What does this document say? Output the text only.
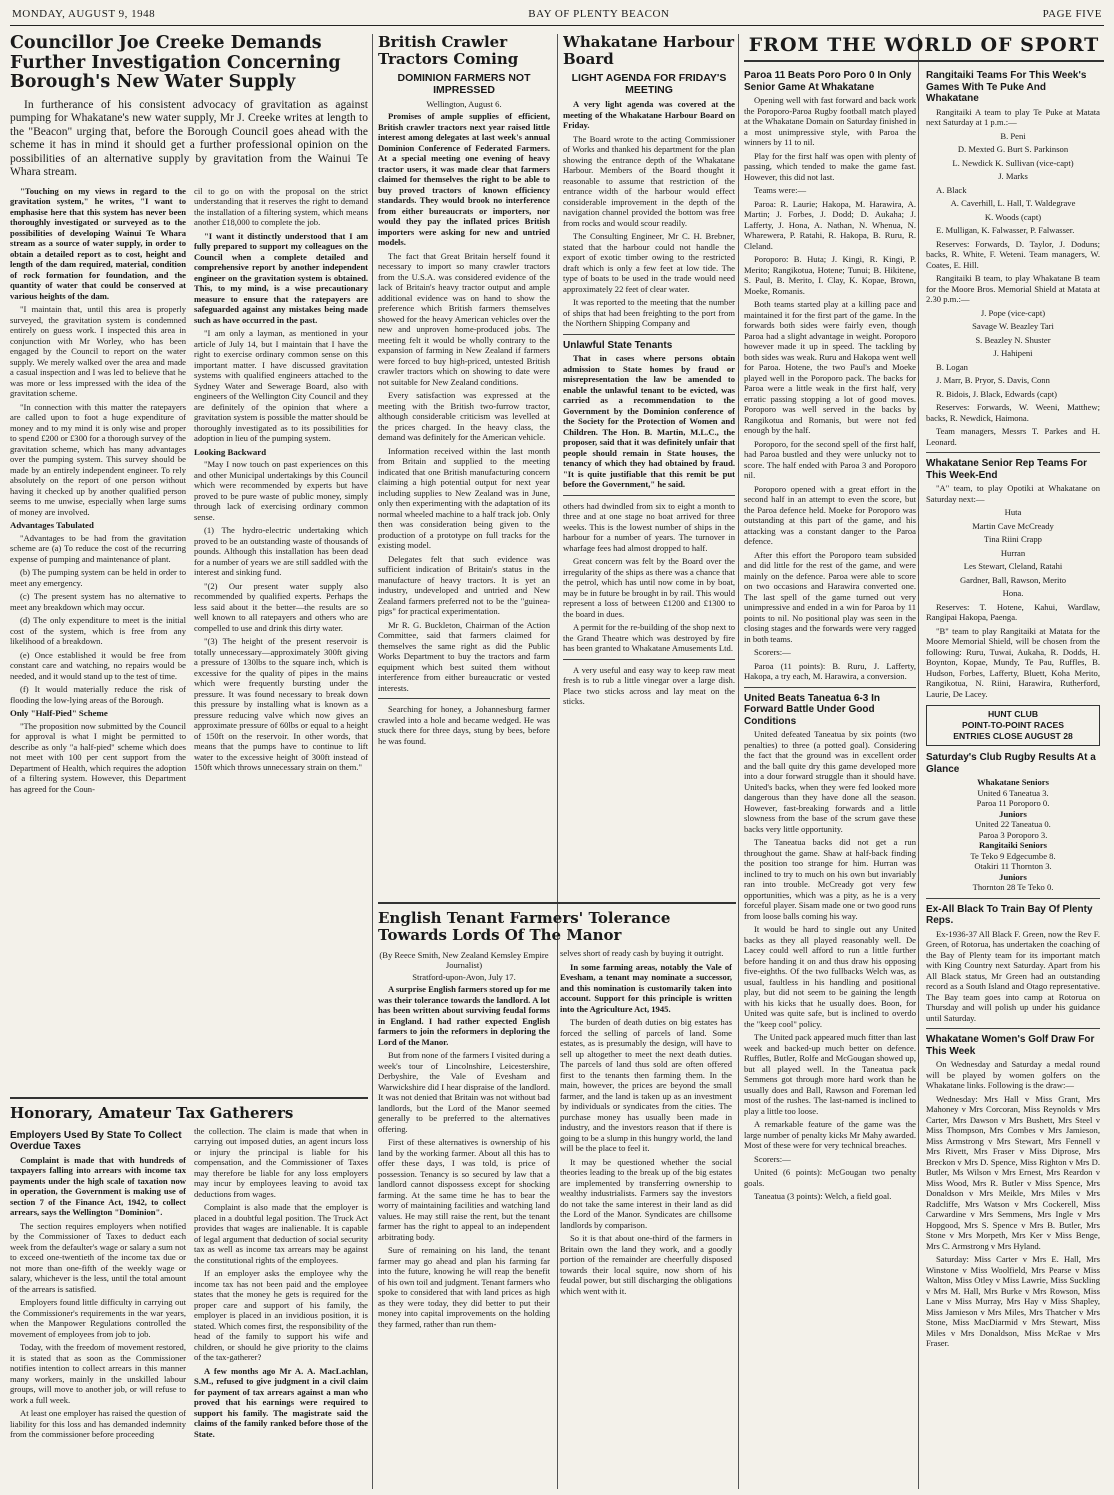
MONDAY, AUGUST 9, 1948	BAY OF PLENTY BEACON	PAGE FIVE
Councillor Joe Creeke Demands Further Investigation Concerning Borough's New Water Supply

In furtherance of his consistent advocacy of gravitation as against pumping for Whakatane's new water supply, Mr J. Creeke writes at length to the "Beacon" urging that, before the Borough Council goes ahead with the scheme it has in mind it should get a further professional opinion on the possibilities of an alternative supply by gravitation from the Wainui Te Whara stream.

"Touching on my views in regard to the gravitation system," he writes, "I want to emphasise here that this system has never been thoroughly investigated or surveyed as to the possibilities of developing Wainui Te Whara stream as a source of water supply, in order to obtain a detailed report as to cost, height and length of the dam required, material, condition of rock formation for foundation, and the quantity of water that could be conserved at various heights of the dam.

"I maintain that, until this area is properly surveyed, the gravitation system is condemned entirely on guess work. I inspected this area in conjunction with Mr Worley, who has been engaged by the Council to report on the water supply. We merely walked over the area and made a casual inspection and I was led to believe that he was more or less impressed with the idea of the gravitation scheme.

"In connection with this matter the ratepayers are called upon to foot a huge expenditure of money and to my mind it is only wise and proper to spend £200 or £300 for a thorough survey of the gravitation scheme, which has many advantages over the pumping system. This survey should be made by an entirely independent engineer. To rely absolutely on the report of one person without having it checked up by another qualified person seems to me unwise, especially when large sums of money are involved.

Advantages Tabulated

"Advantages to be had from the gravitation scheme are (a) To reduce the cost of the recurring expense of pumping and maintenance of plant.

(b) The pumping system can be held in order to meet any emergency.

(c) The present system has no alternative to meet any breakdown which may occur.

(d) The only expenditure to meet is the initial cost of the system, which is free from any likelihood of a breakdown.

(e) Once established it would be free from constant care and watching, no repairs would be needed, and it would stand up to the test of time.

(f) It would materially reduce the risk of flooding the low-lying areas of the Borough.

Only "Half-Pied" Scheme

"The proposition now submitted by the Council for approval is what I might be permitted to describe as only "a half-pied" scheme which does not meet with 100 per cent support from the Department of Health, which requires the adoption of a filtering system. However, this Department has agreed for the Coun-

cil to go on with the proposal on the strict understanding that it reserves the right to demand the installation of a filtering system, which means another £18,000 to complete the job.

"I want it distinctly understood that I am fully prepared to support my colleagues on the Council when a complete detailed and comprehensive report by another independent engineer on the gravitation system is obtained. This, to my mind, is a wise precautionary measure to ensure that the ratepayers are safeguarded against any mistakes being made such as have occurred in the past.

"I am only a layman, as mentioned in your article of July 14, but I maintain that I have the right to exercise ordinary common sense on this important matter. I have discussed gravitation systems with qualified engineers attached to the Sydney Water and Sewerage Board, also with engineers of the Wellington City Council and they are definitely of the opinion that where a gravitation system is possible the matter should be thoroughly investigated as to its possibilities for adoption in lieu of the pumping system.

Looking Backward

"May I now touch on past experiences on this and other Municipal undertakings by this Council which were recommended by experts but have proved to be pure waste of public money, simply through lack of exercising ordinary common sense.

(1) The hydro-electric undertaking which proved to be an outstanding waste of thousands of pounds. Although this installation has been dead for a number of years we are still saddled with the interest and sinking fund.

"(2) Our present water supply also recommended by qualified experts. Perhaps the less said about it the better—the results are so well known to all ratepayers and others who are compelled to use and drink this dirty water.

"(3) The height of the present reservoir is totally unnecessary—approximately 300ft giving a pressure of 130lbs to the square inch, which is excessive for the quality of pipes in the mains which were frequently bursting under the pressure. It was found necessary to break down this pressure by installing what is known as a pressure reducing valve which now gives an approximate pressure of 60lbs or equal to a height of 150ft on the reservoir. In other words, that means that the pumps have to continue to lift water to the excessive height of 300ft instead of 150ft which throws unnecessary strain on them."

Honorary, Amateur Tax Gatherers
Employers Used By State To Collect Overdue Taxes

Complaint is made that with hundreds of taxpayers falling into arrears with income tax payments under the high scale of taxation now in operation, the Government is making use of section 7 of the Finance Act, 1942, to collect arrears, says the Wellington "Dominion".

The section requires employers when notified by the Commissioner of Taxes to deduct each week from the defaulter's wage or salary a sum not to exceed one-twentieth of the income tax due or not more than one-fifth of the weekly wage or salary, whichever is the less, until the total amount of the arrears is satisfied.

Employers found little difficulty in carrying out the Commissioner's requirements in the war years, when the Manpower Regulations controlled the movement of employees from job to job.

Today, with the freedom of movement restored, it is stated that as soon as the Commissioner notifies intention to collect arrears in this manner many workers, mainly in the unskilled labour groups, will move to another job, or will refuse to work a full week.

At least one employer has raised the question of liability for this loss and has demanded indemnity from the commissioner before proceeding

the collection. The claim is made that when in carrying out imposed duties, an agent incurs loss or injury the principal is liable for his compensation, and the Commissioner of Taxes may therefore be liable for any loss employers may incur by employees leaving to avoid tax deductions from wages.

Complaint is also made that the employer is placed in a doubtful legal position. The Truck Act provides that wages are inalienable. It is capable of legal argument that deduction of social security tax as well as income tax arrears may be against the constitutional rights of the employees.

If an employer asks the employee why the income tax has not been paid and the employee states that the money he gets is required for the proper care and support of his family, the employer is placed in an invidious position, it is stated. Which comes first, the responsibility of the head of the family to support his wife and children, or should he give priority to the claims of the tax-gatherer?

A few months ago Mr A. A. MacLachlan, S.M., refused to give judgment in a civil claim for payment of tax arrears against a man who proved that his earnings were required to support his family. The magistrate said the claims of the family ranked before those of the State.

British Crawler Tractors Coming
DOMINION FARMERS NOT IMPRESSED
Wellington, August 6.

Promises of ample supplies of efficient, British crawler tractors next year raised little interest among delegates at last week's annual Dominion Conference of Federated Farmers. At a special meeting one evening of heavy tractor users, it was made clear that farmers claimed for themselves the right to be able to buy proved tractors of known efficiency standards. They would brook no interference from either bureaucrats or importers, nor would they pay the inflated prices British importers were asking for new and untried models.

The fact that Great Britain herself found it necessary to import so many crawler tractors from the U.S.A. was considered evidence of the lack of Britain's heavy tractor output and ample additional evidence was on hand to show the preference which British farmers themselves showed for the heavy American vehicles over the new and unproven home-produced jobs. The meeting felt it would be wholly contrary to the expansion of farming in New Zealand if farmers were forced to buy high-priced, untested British crawler tractors which on showing to date were not suitable for New Zealand conditions.

Every satisfaction was expressed at the meeting with the British two-furrow tractor, although considerable criticism was levelled at the prices charged. In the heavy class, the demand was definitely for the American vehicle.

Information received within the last month from Britain and supplied to the meeting indicated that one British manufacturing concern claiming a high potential output for next year including supplies to New Zealand was in June, only then experimenting with the adaptation of its normal wheeled machine to a half track job. Only then was consideration being given to the production of a prototype on full tracks for the existing model.

Delegates felt that such evidence was sufficient indication of Britain's status in the manufacture of heavy tractors. It is yet an industry, undeveloped and untried and New Zealand farmers preferred not to be the "guinea-pigs" for practical experimentation.

Mr R. G. Buckleton, Chairman of the Action Committee, said that farmers claimed for themselves the same right as did the Public Works Department to buy the tractors and farm equipment which best suited them without interference from either bureaucratic or vested interests.

Searching for honey, a Johannesburg farmer crawled into a hole and became wedged. He was stuck there for three days, stung by bees, before he was found.

Whakatane Harbour Board
LIGHT AGENDA FOR FRIDAY'S MEETING

A very light agenda was covered at the meeting of the Whakatane Harbour Board on Friday.

The Board wrote to the acting Commissioner of Works and thanked his department for the plan showing the entrance depth of the Whakatane Harbour. Members of the Board thought it reasonable to assume that restriction of the entrance width of the harbour would effect considerable improvement in the depth of the navigation channel provided the bottom was free from rocks and would scour readily.

The Consulting Engineer, Mr C. H. Brebner, stated that the harbour could not handle the export of exotic timber owing to the restricted draft which is only a few feet at low tide. The type of boats to be used in the trade would need approximately 22 feet of clear water.

It was reported to the meeting that the number of ships that had been freighting to the port from the Northern Shipping Company and

Unlawful State Tenants

That in cases where persons obtain admission to State homes by fraud or misrepresentation the law be amended to enable the unlawful tenant to be evicted, was carried as a recommendation to the Government by the Dominion conference of the Society for the Protection of Women and Children. The Hon. B. Martin, M.L.C., the proposer, said that it was definitely unfair that people should remain in State houses, the tenancy of which they had obtained by fraud. "It is quite justifiable that this remit be put before the Government," he said.

others had dwindled from six to eight a month to three and at one stage no boat arrived for three weeks. This is the lowest number of ships in the harbour for a number of years. The turnover in wharfage fees had almost dropped to half.

Great concern was felt by the Board over the irregularity of the ships as there was a chance that the petrol, which has until now come in by boat, may be in future be brought in by rail. This would represent a loss of between £1200 and £1300 to the board in dues.

A permit for the re-building of the shop next to the Grand Theatre which was destroyed by fire has been granted to Whakatane Amusements Ltd.

A very useful and easy way to keep raw meat fresh is to rub a little vinegar over a large dish. Place two sticks across and lay meat on the sticks.

English Tenant Farmers' Tolerance Towards Lords Of The Manor
(By Reece Smith, New Zealand Kemsley Empire Journalist)
Stratford-upon-Avon, July 17.

A surprise English farmers stored up for me was their tolerance towards the landlord. A lot has been written about surviving feudal forms in England. I had rather expected English farmers to join the reformers in deploring the Lord of the Manor.

But from none of the farmers I visited during a week's tour of Lincolnshire, Leicestershire, Derbyshire, the Vale of Evesham and Warwickshire did I hear dispraise of the landlord. It was not denied that Britain was not without bad landlords, but the Lord of the Manor seemed generally to be preferred to the alternatives offering.

First of these alternatives is ownership of his land by the working farmer. About all this has to offer these days, I was told, is price of possession. Tenancy is so secured by law that a landlord cannot dispossess except for shocking farming. At the same time he has to bear the worry of maintaining facilities and watching land values. He may still raise the rent, but the tenant farmer has the right to appeal to an independent arbitrating body.

Sure of remaining on his land, the tenant farmer may go ahead and plan his farming far into the future, knowing he will reap the benefit of his own toil and judgment. Tenant farmers who spoke to considered that with land prices as high as they were today, they did better to put their money into capital improvements on the holding they farmed, rather than run them-

selves short of ready cash by buying it outright.

In some farming areas, notably the Vale of Evesham, a tenant may nominate a successor, and this nomination is customarily taken into account. Support for this principle is written into the Agriculture Act, 1945.

The burden of death duties on big estates has forced the selling of parcels of land. Some estates, as is presumably the design, will have to sell up altogether to meet the next death duties. The parcels of land thus sold are often offered first to the tenants then farming them. In the main, however, the prices are beyond the small farmer, and the land is taken up as an investment by individuals or syndicates from the cities. The purchase money has usually been made in industry, and the investors reason that if there is going to be a slump in this hungry world, the land will be the place to feel it.

It may be questioned whether the social theories leading to the break up of the big estates are implemented by transferring ownership to wealthy industrialists. Farmers say the investors do not take the same interest in their land as did the Lord of the Manor. Syndicates are chillsome landlords by comparison.

So it is that about one-third of the farmers in Britain own the land they work, and a goodly portion of the remainder are cheerfully disposed towards their local squire, now shorn of his feudal power, but still discharging the obligations which went with it.

FROM THE WORLD OF SPORT
Paroa 11 Beats Poro Poro 0 In Only Senior Game At Whakatane

Opening well with fast forward and back work the Poroporo-Paroa Rugby football match played at the Whakatane Domain on Saturday finished in a most unimpressive style, with Paroa the winners by 11 to nil.

Play for the first half was open with plenty of passing, which tended to make the game fast. However, this did not last.

Teams were:—

Paroa: R. Laurie; Hakopa, M. Harawira, A. Martin; J. Forbes, J. Dodd; D. Aukaha; J. Lafferty, J. Hona, A. Nathan, N. Whenua, N. Wharewera, P. Ratahi, R. Hakopa, B. Ruru, R. Cleland.

Poroporo: B. Huta; J. Kingi, R. Kingi, P. Merito; Rangikotua, Hotene; Tunui; B. Hikitene, S. Paul, B. Merito, I. Clay, K. Kopae, Brown, Moeke, Romanis.

Both teams started play at a killing pace and maintained it for the first part of the game. In the forwards both sides were fairly even, though Paroa had a slight advantage in weight. Poroporo however made it up in speed. The tackling by both sides was weak. Ruru and Hakopa went well for Paroa. Hotene, the two Paul's and Moeke played well in the Poroporo pack. The backs for Paroa were a little weak in the first half, very erratic passing stopping a lot of good moves. Poroporo was well served in the backs by Rangikotua and Romanis, but were not fed enough by the half.

Poroporo, for the second spell of the first half, had Paroa bustled and they were unlucky not to score. The half ended with Paroa 3 and Poroporo nil.

Poroporo opened with a great effort in the second half in an attempt to even the score, but the Paroa defence held. Moeke for Poroporo was outstanding at this part of the game, and his attacking was a constant danger to the Paroa defence.

After this effort the Poroporo team subsided and did little for the rest of the game, and were mainly on the defence. Paroa were able to score on two occasions and Harawira converted one. The last spell of the game turned out very unimpressive and ended in a win for Paroa by 11 points to nil. No positional play was seen in the closing stages and the forwards were very ragged in both teams.

Scorers:—

Paroa (11 points): B. Ruru, J. Lafferty, Hakopa, a try each, M. Harawira, a conversion.

United Beats Taneatua 6-3 In Forward Battle Under Good Conditions

United defeated Taneatua by six points (two penalties) to three (a potted goal). Considering the fact that the ground was in excellent order and the ball quite dry this game developed more into a dour forward struggle than it should have. United's backs, when they were fed looked more dangerous than they have done all the season. However, fast-breaking forwards and a little slowness from the base of the scrum gave these backs very little opportunity.

The Taneatua backs did not get a run throughout the game. Shaw at half-back finding the position too strange for him. Hurran was inclined to try to much on his own but invariably ran into trouble. McCready got very few opportunities, which was a pity, as he is a very forceful player. Sisam made one or two good runs from loose balls coming his way.

It would be hard to single out any United backs as they all played reasonably well. De Lacey could well afford to run a little further before handing it on and thus draw his opposing five-eighths. Of the two fullbacks Welch was, as usual, faultless in his handling and positional play, but did not seem to be gaining the length with his kicks that he usually does. Boon, for United was quite safe, but is inclined to overdo the "keep cool" policy.

The United pack appeared much fitter than last week and backed-up much better on defence. Ruffles, Butler, Rolfe and McGougan showed up, but all played well. In the Taneatua pack Semmens got through more hard work than he usually does and Ball, Rawson and Foreman led most of the rushes. The last-named is inclined to play a little too loose.

A remarkable feature of the game was the large number of penalty kicks Mr Mahy awarded. Most of these were for very technical breaches.

Scorers:—

United (6 points): McGougan two penalty goals.

Taneatua (3 points): Welch, a field goal.

Rangitaiki Teams For This Week's Games With Te Puke And Whakatane

Rangitaiki A team to play Te Puke at Matata next Saturday at 1 p.m.:—

B. Peni

D. Mexted G. Burt S. Parkinson

L. Newdick K. Sullivan (vice-capt)

J. Marks

A. Black

A. Caverhill, L. Hall, T. Waldegrave

K. Woods (capt)

E. Mulligan, K. Falwasser, P. Falwasser.

Reserves: Forwards, D. Taylor, J. Doduns; backs, R. White, F. Weteni. Team managers, W. Coates, E. Hill.

Rangitaiki B team, to play Whakatane B team for the Moore Bros. Memorial Shield at Matata at 2.30 p.m.:—

J. Pope (vice-capt)

Savage W. Beazley Tari

S. Beazley N. Shuster

J. Hahipeni

B. Logan

J. Marr, B. Pryor, S. Davis, Conn

R. Bidois, J. Black, Edwards (capt)

Reserves: Forwards, W. Weeni, Matthew; backs, R. Newdick, Haimona.

Team managers, Messrs T. Parkes and H. Leonard.

Whakatane Senior Rep Teams For This Week-End

"A" team, to play Opotiki at Whakatane on Saturday next:—

Huta

Martin Cave McCready

Tina Riini Crapp

Hurran

Les Stewart, Cleland, Ratahi

Gardner, Ball, Rawson, Merito

Hona.

Reserves: T. Hotene, Kahui, Wardlaw, Rangipai Hakopa, Paenga.

"B" team to play Rangitaiki at Matata for the Moore Memorial Shield, will be chosen from the following: Ruru, Tuwai, Aukaha, R. Dodds, H. Boynton, Kopae, Mundy, Te Pau, Ruffles, B. Hudson, Forbes, Lafferty, Bluett, Koha Merito, Rangikotua, N. Riini, Harawira, Rutherford, Laurie, De Lacey.

HUNT CLUB
POINT-TO-POINT RACES
ENTRIES CLOSE AUGUST 28
Saturday's Club Rugby Results At a Glance
Whakatane Seniors
United 6 Taneatua 3.
Paroa 11 Poroporo 0.
Juniors
United 22 Taneatua 0.
Paroa 3 Poroporo 3.
Rangitaiki Seniors
Te Teko 9 Edgecumbe 8.
Otakiri 11 Thornton 3.
Juniors
Thornton 28 Te Teko 0.
Ex-All Black To Train Bay Of Plenty Reps.

Ex-1936-37 All Black F. Green, now the Rev F. Green, of Rotorua, has undertaken the coaching of the Bay of Plenty team for its important match with King Country next Saturday. Apart from his All Black status, Mr Green had an outstanding record as a South Island and Otago representative. The Bay team goes into camp at Rotorua on Thursday and will polish up under his guidance until Saturday.

Whakatane Women's Golf Draw For This Week

On Wednesday and Saturday a medal round will be played by women golfers on the Whakatane links. Following is the draw:—

Wednesday: Mrs Hall v Miss Grant, Mrs Mahoney v Mrs Corcoran, Miss Reynolds v Mrs Carter, Mrs Dawson v Mrs Bushett, Mrs Steel v Miss Thompson, Mrs Combes v Mrs Jamieson, Miss Armstrong v Mrs Stewart, Mrs Fennell v Mrs Rivett, Mrs Fraser v Miss Diprose, Mrs Breckon v Mrs D. Spence, Miss Righton v Mrs D. Butler, Ms Wilson v Mrs Ernest, Mrs Reardon v Miss Wood, Mrs R. Butler v Miss Spence, Mrs Donaldson v Mrs Meikle, Mrs Miles v Mrs Radcliffe, Mrs Watson v Mrs Cockerell, Miss Carwardine v Mrs Semmens, Mrs Ingle v Mrs Hopgood, Mrs S. Spence v Mrs B. Butler, Mrs Stone v Mrs Morpeth, Mrs Ker v Miss Benge, Mrs C. Armstrong v Mrs Hyland.

Saturday: Miss Carter v Mrs E. Hall, Mrs Winstone v Miss Woolfield, Mrs Pearse v Miss Walton, Miss Otley v Miss Lawrie, Miss Suckling v Mrs M. Hall, Mrs Burke v Mrs Rowson, Miss Lane v Miss Murray, Mrs Hay v Miss Shapley, Miss Jamieson v Mrs Miles, Mrs Thatcher v Mrs Stone, Miss MacDiarmid v Mrs Stewart, Miss Miles v Mrs Donaldson, Miss McRae v Mrs Fraser.
